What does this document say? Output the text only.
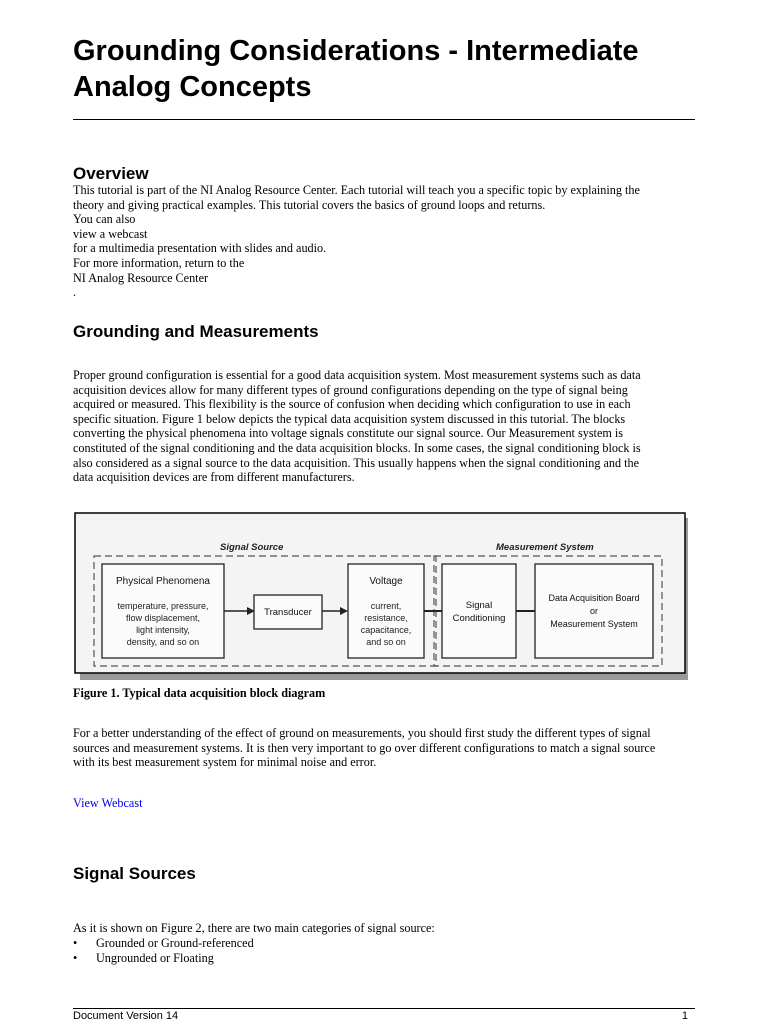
Grounding Considerations - Intermediate
Analog Concepts
Overview
This tutorial is part of the NI Analog Resource Center. Each tutorial will teach you a specific topic by explaining the
theory and giving practical examples. This tutorial covers the basics of ground loops and returns.
You can also
view a webcast
for a multimedia presentation with slides and audio.
For more information, return to the
NI Analog Resource Center
.
Grounding and Measurements
Proper ground configuration is essential for a good data acquisition system. Most measurement systems such as data
acquisition devices allow for many different types of ground configurations depending on the type of signal being
acquired or measured. This flexibility is the source of confusion when deciding which configuration to use in each
specific situation. Figure 1 below depicts the typical data acquisition system discussed in this tutorial. The blocks
converting the physical phenomena into voltage signals constitute our signal source. Our Measurement system is
constituted of the signal conditioning and the data acquisition blocks. In some cases, the signal conditioning block is
also considered as a signal source to the data acquisition. This usually happens when the signal conditioning and the
data acquisition devices are from different manufacturers.
Figure 1. Typical data acquisition block diagram
For a better understanding of the effect of ground on measurements, you should first study the different types of signal
sources and measurement systems. It is then very important to go over different configurations to match a signal source
with its best measurement system for minimal noise and error.
View Webcast
Signal Sources
As it is shown on Figure 2, there are two main categories of signal source:
• Grounded or Ground-referenced
• Ungrounded or Floating
Signal Source	Measurement System
Physical Phenomena
temperature, pressure,
flow displacement,
light intensity,
density, and so on
Transducer
Voltage
current,
resistance,
capacitance,
and so on
Signal
Conditioning
Data Acquisition Board
or
Measurement System
Document Version 14	1
